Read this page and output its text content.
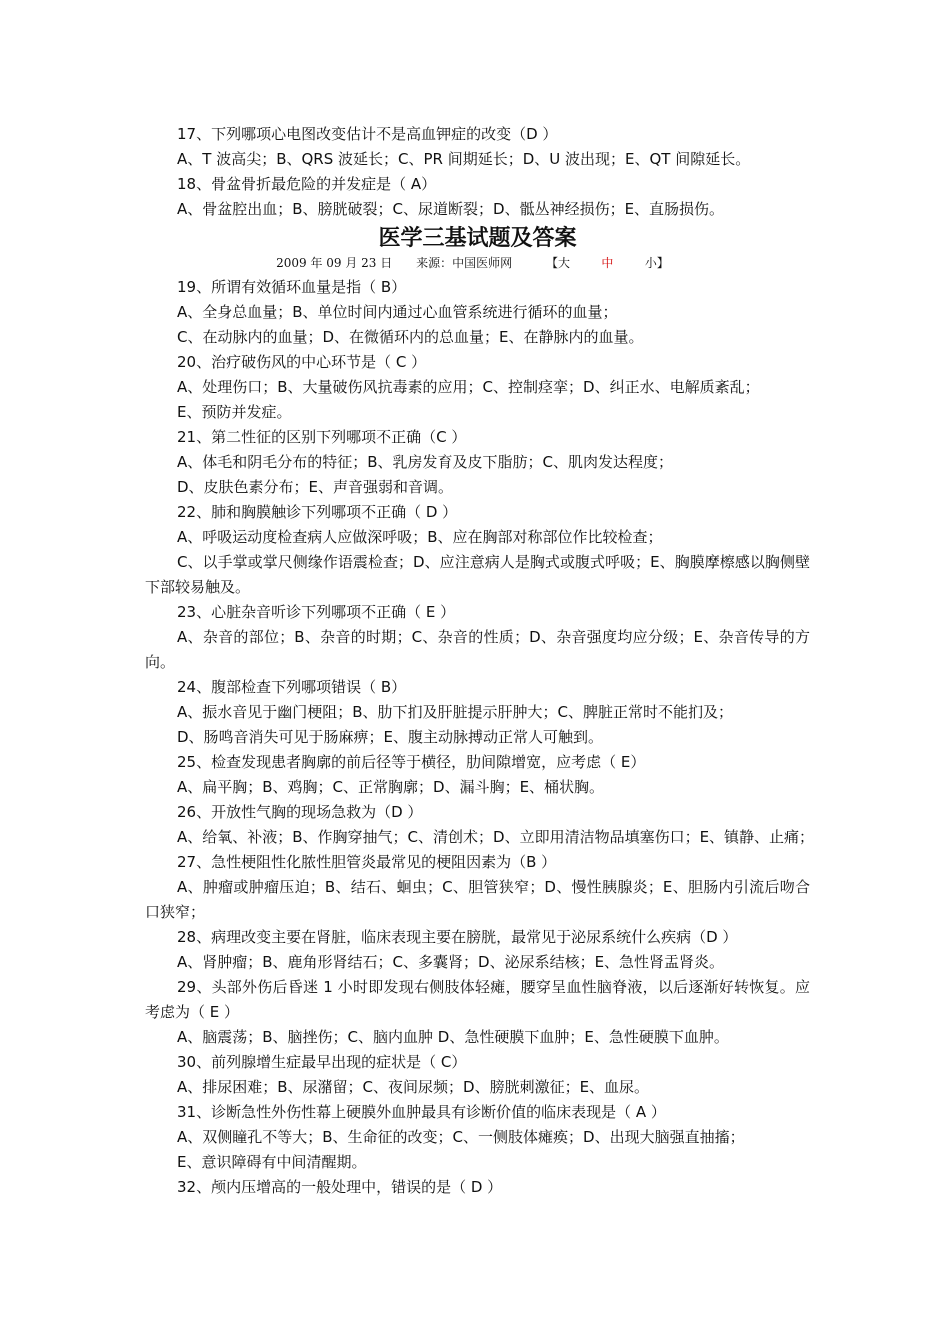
17、下列哪项心电图改变估计不是高血钾症的改变（D ）
A、T 波高尖；B、QRS 波延长；C、PR 间期延长；D、U 波出现；E、QT 间隙延长。
18、骨盆骨折最危险的并发症是（ A）
A、骨盆腔出血；B、膀胱破裂；C、尿道断裂；D、骶丛神经损伤；E、直肠损伤。
医学三基试题及答案
2009 年 09 月 23 日 来源：中国医师网	【大	中	小】
19、所谓有效循环血量是指（ B）
A、全身总血量；B、单位时间内通过心血管系统进行循环的血量；
C、在动脉内的血量；D、在微循环内的总血量；E、在静脉内的血量。
20、治疗破伤风的中心环节是（ C ）
A、处理伤口；B、大量破伤风抗毒素的应用；C、控制痉挛；D、纠正水、电解质紊乱；
E、预防并发症。
21、第二性征的区别下列哪项不正确（C ）
A、体毛和阴毛分布的特征；B、乳房发育及皮下脂肪；C、肌肉发达程度；
D、皮肤色素分布；E、声音强弱和音调。
22、肺和胸膜触诊下列哪项不正确（ D ）
A、呼吸运动度检查病人应做深呼吸；B、应在胸部对称部位作比较检查；
C、以手掌或掌尺侧缘作语震检查；D、应注意病人是胸式或腹式呼吸；E、胸膜摩檫感以胸侧壁下部较易触及。
23、心脏杂音听诊下列哪项不正确（ E ）
A、杂音的部位；B、杂音的时期；C、杂音的性质；D、杂音强度均应分级；E、杂音传导的方向。
24、腹部检查下列哪项错误（ B）
A、振水音见于幽门梗阻；B、肋下扪及肝脏提示肝肿大；C、脾脏正常时不能扪及；
D、肠鸣音消失可见于肠麻痹；E、腹主动脉搏动正常人可触到。
25、检查发现患者胸廓的前后径等于横径，肋间隙增宽，应考虑（ E）
A、扁平胸；B、鸡胸；C、正常胸廓；D、漏斗胸；E、桶状胸。
26、开放性气胸的现场急救为（D ）
A、给氧、补液；B、作胸穿抽气；C、清创术；D、立即用清洁物品填塞伤口；E、镇静、止痛；
27、急性梗阻性化脓性胆管炎最常见的梗阻因素为（B ）
A、肿瘤或肿瘤压迫；B、结石、蛔虫；C、胆管狭窄；D、慢性胰腺炎；E、胆肠内引流后吻合口狭窄；
28、病理改变主要在肾脏，临床表现主要在膀胱，最常见于泌尿系统什么疾病（D ）
A、肾肿瘤；B、鹿角形肾结石；C、多囊肾；D、泌尿系结核；E、急性肾盂肾炎。
29、头部外伤后昏迷 1 小时即发现右侧肢体轻瘫，腰穿呈血性脑脊液，以后逐渐好转恢复。应考虑为（ E ）
A、脑震荡；B、脑挫伤；C、脑内血肿 D、急性硬膜下血肿；E、急性硬膜下血肿。
30、前列腺增生症最早出现的症状是（ C）
A、排尿困难；B、尿潴留；C、夜间尿频；D、膀胱刺激征；E、血尿。
31、诊断急性外伤性幕上硬膜外血肿最具有诊断价值的临床表现是（ A ）
A、双侧瞳孔不等大；B、生命征的改变；C、一侧肢体瘫痪；D、出现大脑强直抽搐；
E、意识障碍有中间清醒期。
32、颅内压增高的一般处理中，错误的是（ D ）
